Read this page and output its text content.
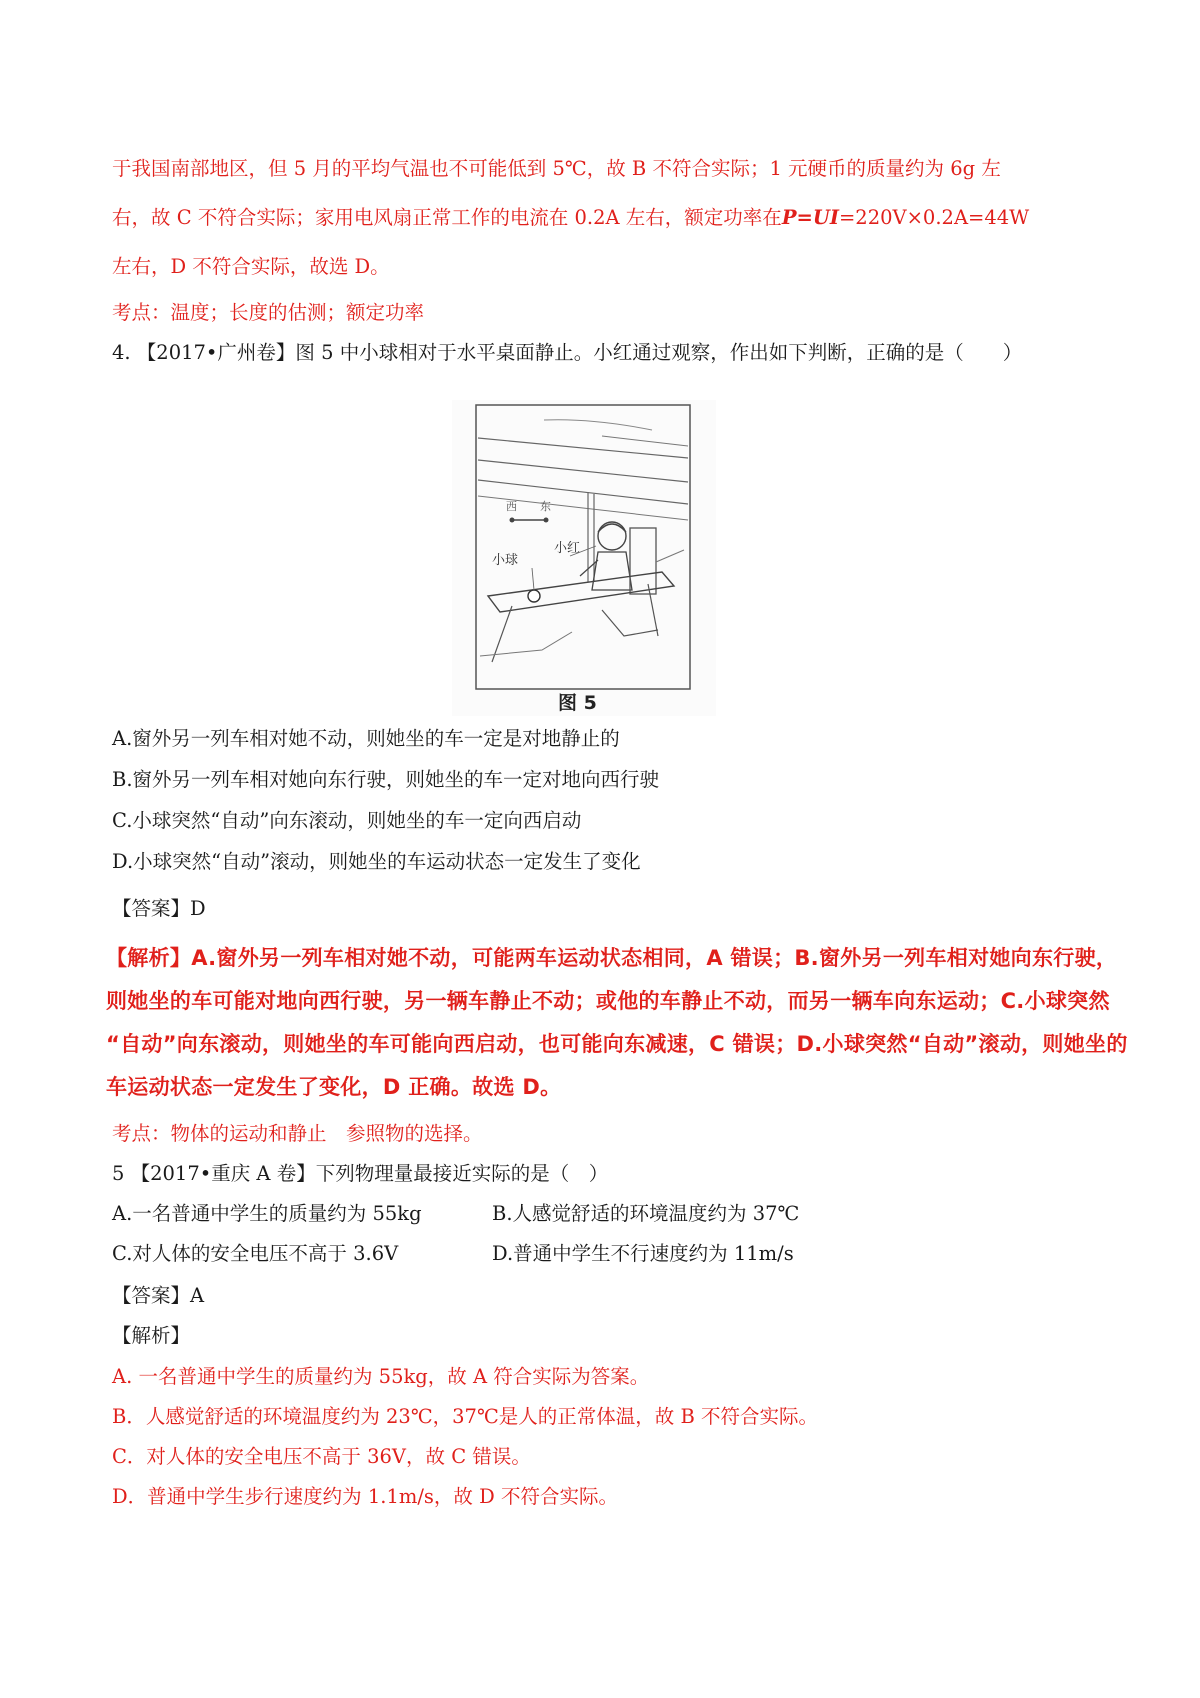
于我国南部地区，但 5 月的平均气温也不可能低到 5℃，故 B 不符合实际；1 元硬币的质量约为 6g 左
右，故 C 不符合实际；家用电风扇正常工作的电流在 0.2A 左右，额定功率在P=UI=220V×0.2A=44W
左右，D 不符合实际，故选 D。
考点：温度；长度的估测；额定功率
4. 【2017•广州卷】图 5 中小球相对于水平桌面静止。小红通过观察，作出如下判断，正确的是（　　）
西 东
小球
小红
图 5
A.窗外另一列车相对她不动，则她坐的车一定是对地静止的
B.窗外另一列车相对她向东行驶，则她坐的车一定对地向西行驶
C.小球突然“自动”向东滚动，则她坐的车一定向西启动
D.小球突然“自动”滚动，则她坐的车运动状态一定发生了变化
【答案】D
【解析】A.窗外另一列车相对她不动，可能两车运动状态相同，A 错误；B.窗外另一列车相对她向东行驶，
则她坐的车可能对地向西行驶，另一辆车静止不动；或他的车静止不动，而另一辆车向东运动；C.小球突然
“自动”向东滚动，则她坐的车可能向西启动，也可能向东减速，C 错误；D.小球突然“自动”滚动，则她坐的
车运动状态一定发生了变化，D 正确。故选 D。
考点：物体的运动和静止　参照物的选择。
5 【2017•重庆 A 卷】下列物理量最接近实际的是（　）
A.一名普通中学生的质量约为 55kg	B.人感觉舒适的环境温度约为 37℃
C.对人体的安全电压不高于 3.6V	D.普通中学生不行速度约为 11m/s
【答案】A
【解析】
A. 一名普通中学生的质量约为 55kg，故 A 符合实际为答案。
B．人感觉舒适的环境温度约为 23℃，37℃是人的正常体温，故 B 不符合实际。
C．对人体的安全电压不高于 36V，故 C 错误。
D．普通中学生步行速度约为 1.1m/s，故 D 不符合实际。
